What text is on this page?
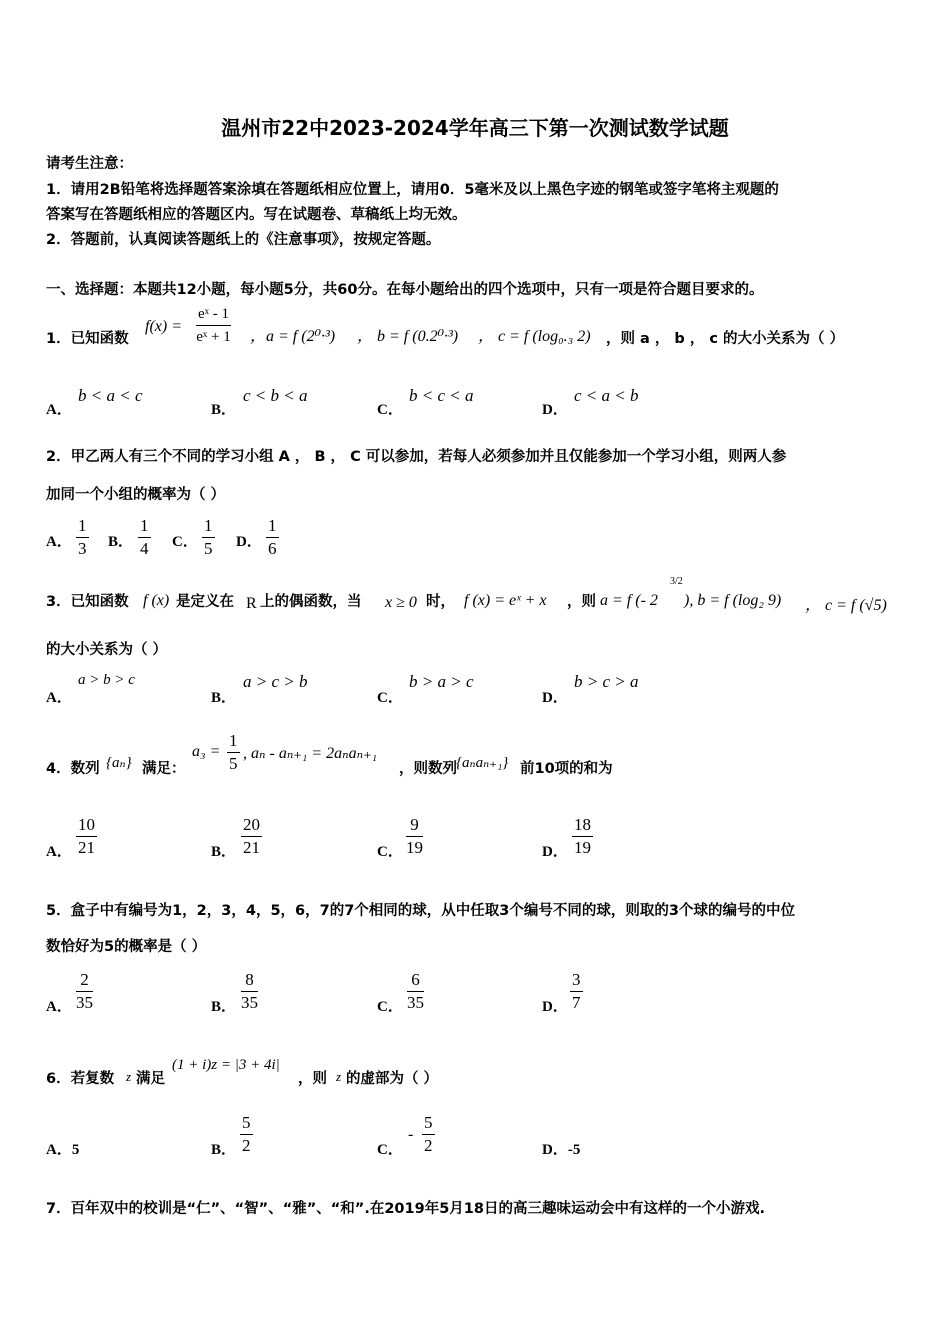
温州市22中2023-2024学年高三下第一次测试数学试题
请考生注意：
1．请用2B铅笔将选择题答案涂填在答题纸相应位置上，请用0．5毫米及以上黑色字迹的钢笔或签字笔将主观题的
答案写在答题纸相应的答题区内。写在试题卷、草稿纸上均无效。
2．答题前，认真阅读答题纸上的《注意事项》，按规定答题。
一、选择题：本题共12小题，每小题5分，共60分。在每小题给出的四个选项中，只有一项是符合题目要求的。
1．已知函数
$f(x) = \frac{\text{eˣ - 1}}{\text{eˣ + 1}}$ ，a = f (2⁰·³) ， b = f (0.2⁰·³) ， c = f (log₀.₃ 2) ，则 a ， b ， c 的大小关系为（ ）
A．
b < a < c
B．
c < b < a
C．
b < c < a
D．
c < a < b
2．甲乙两人有三个不同的学习小组 A ， B ， C 可以参加，若每人必须参加并且仅能参加一个学习小组，则两人参
加同一个小组的概率为（ ）
A． $\frac{1}{3}$ B． $\frac{1}{4}$ C． $\frac{1}{5}$ D． $\frac{1}{6}$
3．已知函数 f (x) 是定义在 R 上的偶函数，当 x ≥ 0 时， f (x) = eˣ + x ，则 a = f (- 2
3/2
), b = f (log₂ 9) ， c = f (√5)
的大小关系为（ ）
A．
a > b > c
B．
a > c > b
C．
b > a > c
D．
b > c > a
4．数列 {aₙ} 满足：
$a_3 = \frac{1}{5}$ , aₙ - aₙ₊₁ = 2aₙaₙ₊₁
，则数列 {aₙaₙ₊₁} 前10项的和为
A． $\frac{10}{21}$	B． $\frac{20}{21}$	C． $\frac{9}{19}$	D． $\frac{18}{19}$
5．盒子中有编号为1，2，3，4，5，6，7的7个相同的球，从中任取3个编号不同的球，则取的3个球的编号的中位
数恰好为5的概率是（ ）
A． $\frac{2}{35}$	B． $\frac{8}{35}$	C． $\frac{6}{35}$	D． $\frac{3}{7}$
6．若复数 z 满足
(1 + i)z = |3 + 4i|
，则 z 的虚部为（ ）
A．5	B． $\frac{5}{2}$	C．
- $\frac{5}{2}$	D．-5
7．百年双中的校训是“仁”、“智”、“雅”、“和”.在2019年5月18日的高三趣味运动会中有这样的一个小游戏.
